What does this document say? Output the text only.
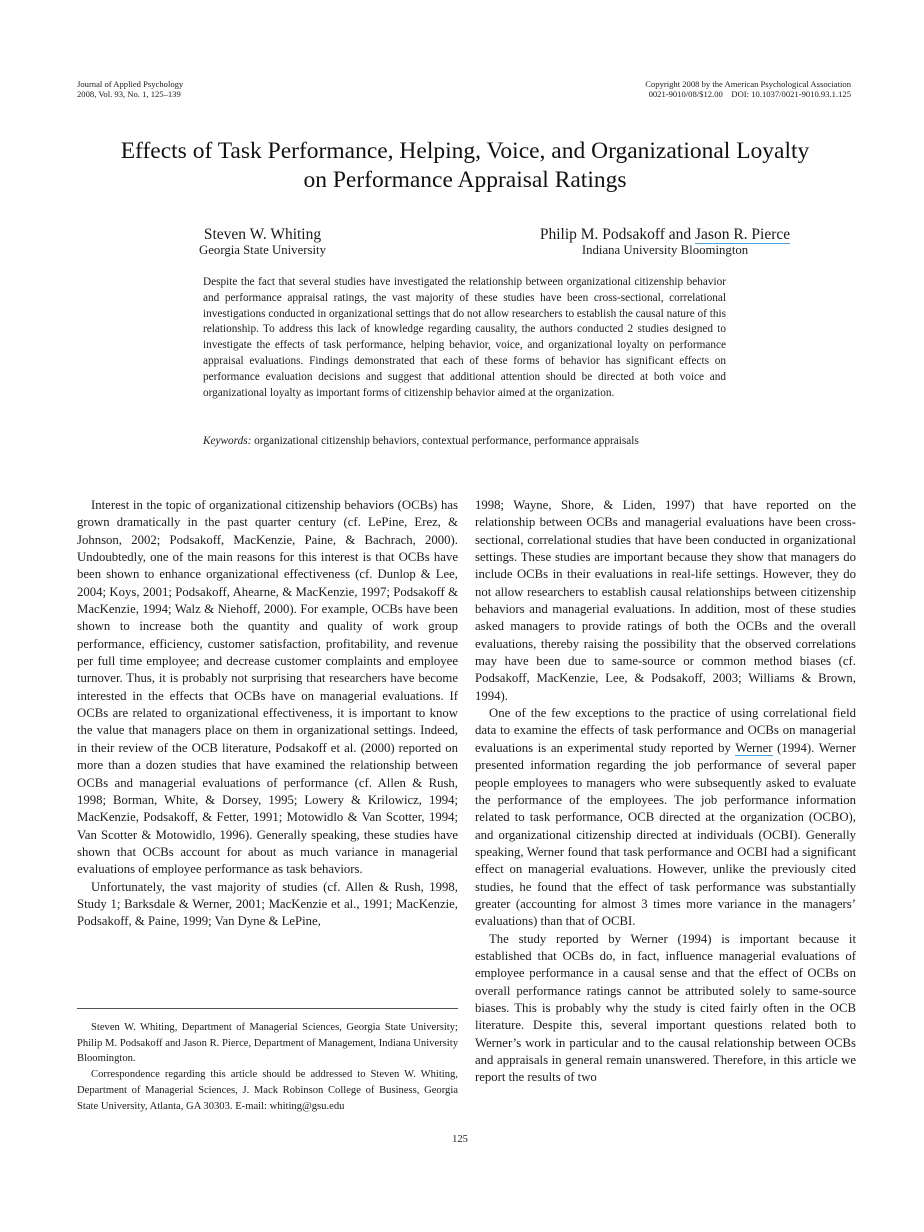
Journal of Applied Psychology
2008, Vol. 93, No. 1, 125–139
Copyright 2008 by the American Psychological Association
0021-9010/08/$12.00    DOI: 10.1037/0021-9010.93.1.125
Effects of Task Performance, Helping, Voice, and Organizational Loyalty
on Performance Appraisal Ratings
Steven W. Whiting
Georgia State University
Philip M. Podsakoff and Jason R. Pierce
Indiana University Bloomington
Despite the fact that several studies have investigated the relationship between organizational citizenship behavior and performance appraisal ratings, the vast majority of these studies have been cross-sectional, correlational investigations conducted in organizational settings that do not allow researchers to establish the causal nature of this relationship. To address this lack of knowledge regarding causality, the authors conducted 2 studies designed to investigate the effects of task performance, helping behavior, voice, and organizational loyalty on performance appraisal evaluations. Findings demonstrated that each of these forms of behavior has significant effects on performance evaluation decisions and suggest that additional attention should be directed at both voice and organizational loyalty as important forms of citizenship behavior aimed at the organization.
Keywords: organizational citizenship behaviors, contextual performance, performance appraisals

Interest in the topic of organizational citizenship behaviors (OCBs) has grown dramatically in the past quarter century (cf. LePine, Erez, & Johnson, 2002; Podsakoff, MacKenzie, Paine, & Bachrach, 2000). Undoubtedly, one of the main reasons for this interest is that OCBs have been shown to enhance organizational effectiveness (cf. Dunlop & Lee, 2004; Koys, 2001; Podsakoff, Ahearne, & MacKenzie, 1997; Podsakoff & MacKenzie, 1994; Walz & Niehoff, 2000). For example, OCBs have been shown to increase both the quantity and quality of work group performance, efficiency, customer satisfaction, profitability, and revenue per full time employee; and decrease customer complaints and employee turnover. Thus, it is probably not surprising that researchers have become interested in the effects that OCBs have on managerial evaluations. If OCBs are related to organizational effectiveness, it is important to know the value that managers place on them in organizational settings. Indeed, in their review of the OCB literature, Podsakoff et al. (2000) reported on more than a dozen studies that have examined the relationship between OCBs and managerial evaluations of performance (cf. Allen & Rush, 1998; Borman, White, & Dorsey, 1995; Lowery & Krilowicz, 1994; MacKenzie, Podsakoff, & Fetter, 1991; Motowidlo & Van Scotter, 1994; Van Scotter & Motowidlo, 1996). Generally speaking, these studies have shown that OCBs account for about as much variance in managerial evaluations of employee performance as task behaviors.

Unfortunately, the vast majority of studies (cf. Allen & Rush, 1998, Study 1; Barksdale & Werner, 2001; MacKenzie et al., 1991; MacKenzie, Podsakoff, & Paine, 1999; Van Dyne & LePine,

1998; Wayne, Shore, & Liden, 1997) that have reported on the relationship between OCBs and managerial evaluations have been cross-sectional, correlational studies that have been conducted in organizational settings. These studies are important because they show that managers do include OCBs in their evaluations in real-life settings. However, they do not allow researchers to establish causal relationships between citizenship behaviors and managerial evaluations. In addition, most of these studies asked managers to provide ratings of both the OCBs and the overall evaluations, thereby raising the possibility that the observed correlations may have been due to same-source or common method biases (cf. Podsakoff, MacKenzie, Lee, & Podsakoff, 2003; Williams & Brown, 1994).

One of the few exceptions to the practice of using correlational field data to examine the effects of task performance and OCBs on managerial evaluations is an experimental study reported by Werner (1994). Werner presented information regarding the job performance of several paper people employees to managers who were subsequently asked to evaluate the performance of the employees. The job performance information related to task performance, OCB directed at the organization (OCBO), and organizational citizenship directed at individuals (OCBI). Generally speaking, Werner found that task performance and OCBI had a significant effect on managerial evaluations. However, unlike the previously cited studies, he found that the effect of task performance was substantially greater (accounting for almost 3 times more variance in the managers’ evaluations) than that of OCBI.

The study reported by Werner (1994) is important because it established that OCBs do, in fact, influence managerial evaluations of employee performance in a causal sense and that the effect of OCBs on overall performance ratings cannot be attributed solely to same-source biases. This is probably why the study is cited fairly often in the OCB literature. Despite this, several important questions related both to Werner’s work in particular and to the causal relationship between OCBs and appraisals in general remain unanswered. Therefore, in this article we report the results of two

Steven W. Whiting, Department of Managerial Sciences, Georgia State University; Philip M. Podsakoff and Jason R. Pierce, Department of Management, Indiana University Bloomington.

Correspondence regarding this article should be addressed to Steven W. Whiting, Department of Managerial Sciences, J. Mack Robinson College of Business, Georgia State University, Atlanta, GA 30303. E-mail: whiting@gsu.edu

125
